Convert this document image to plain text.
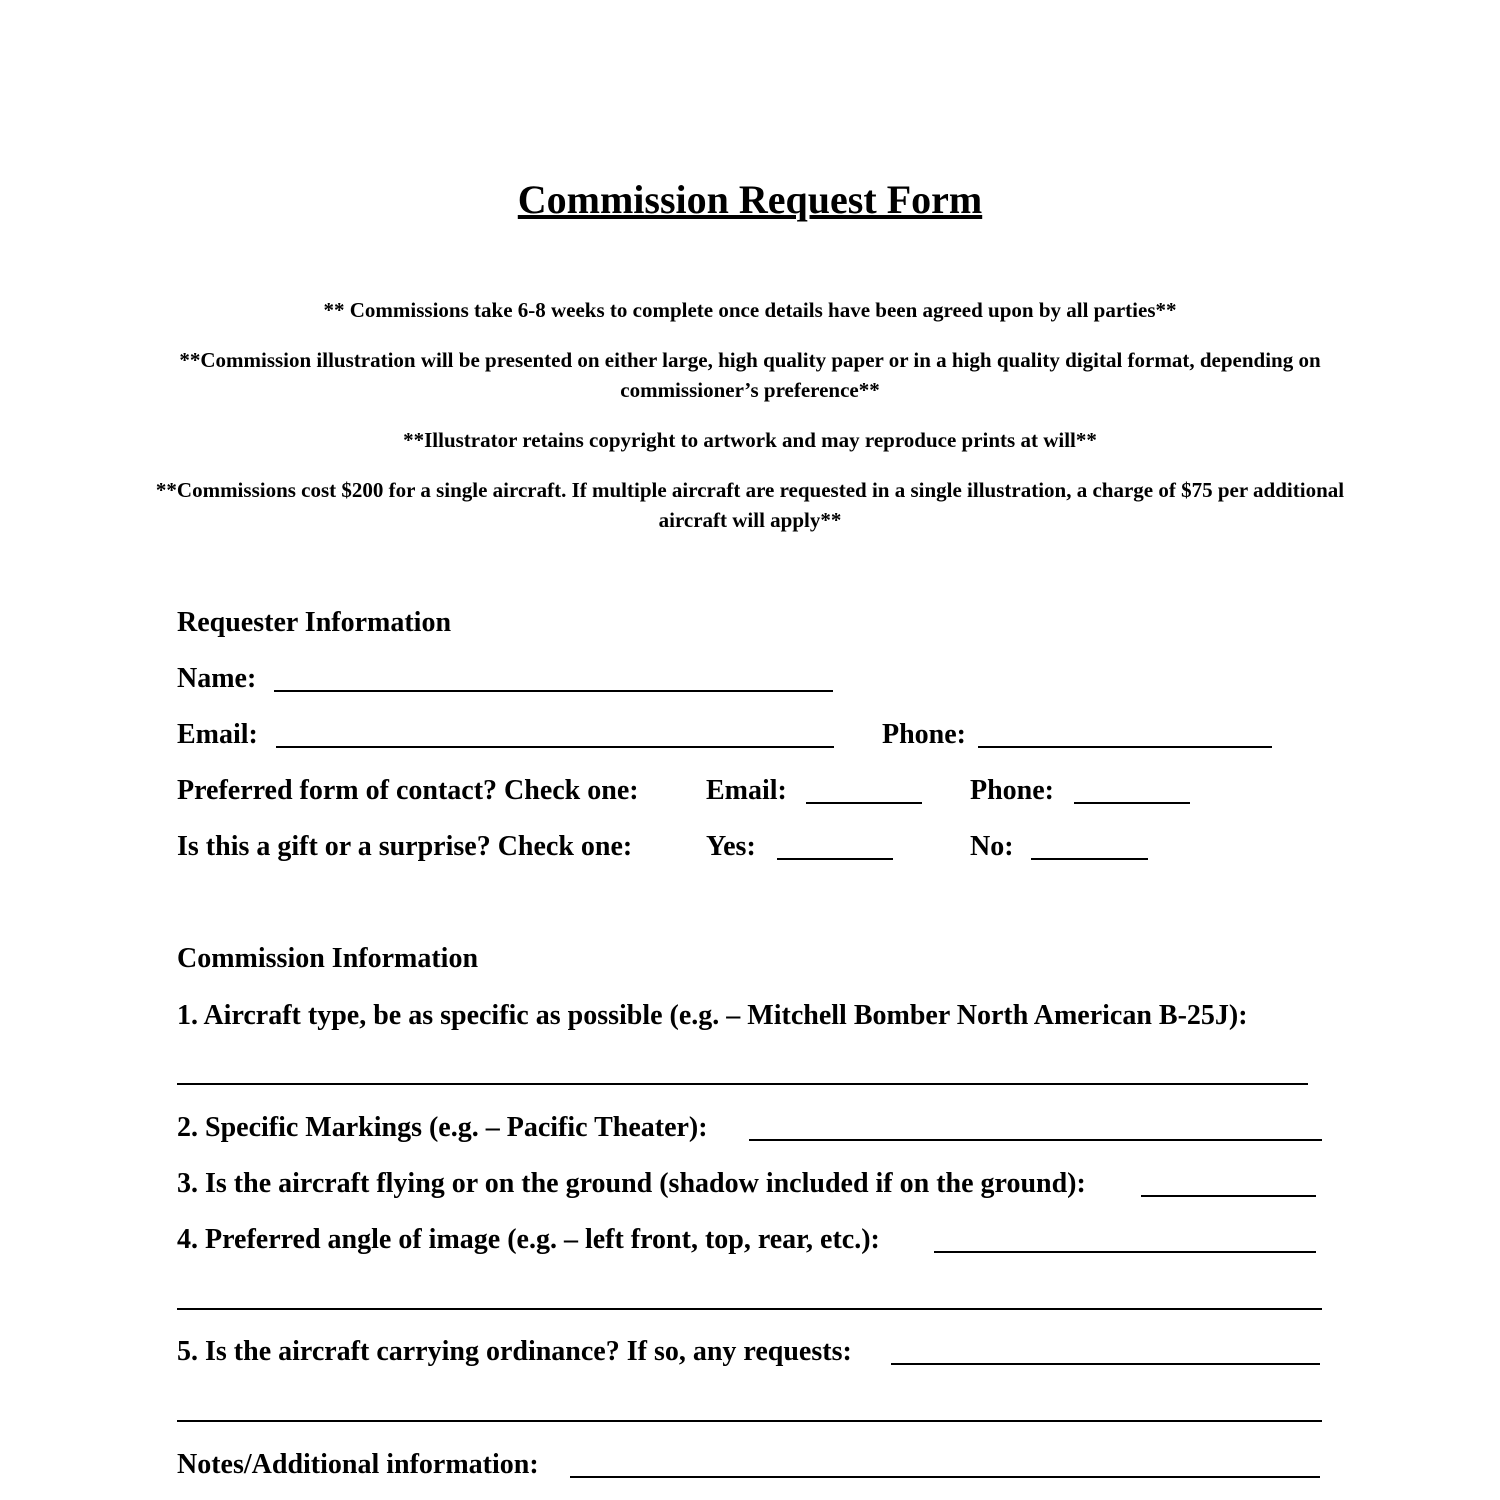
Commission Request Form
** Commissions take 6-8 weeks to complete once details have been agreed upon by all parties**
**Commission illustration will be presented on either large, high quality paper or in a high quality digital format, depending on commissioner’s preference**
**Illustrator retains copyright to artwork and may reproduce prints at will**
**Commissions cost $200 for a single aircraft. If multiple aircraft are requested in a single illustration, a charge of $75 per additional aircraft will apply**
Requester Information
Name:
Email:	Phone:
Preferred form of contact? Check one: Email:	Phone:
Is this a gift or a surprise? Check one:	Yes:	No:
Commission Information
1. Aircraft type, be as specific as possible (e.g. – Mitchell Bomber North American B-25J):
2. Specific Markings (e.g. – Pacific Theater):
3. Is the aircraft flying or on the ground (shadow included if on the ground):
4. Preferred angle of image (e.g. – left front, top, rear, etc.):
5. Is the aircraft carrying ordinance? If so, any requests:
Notes/Additional information:
